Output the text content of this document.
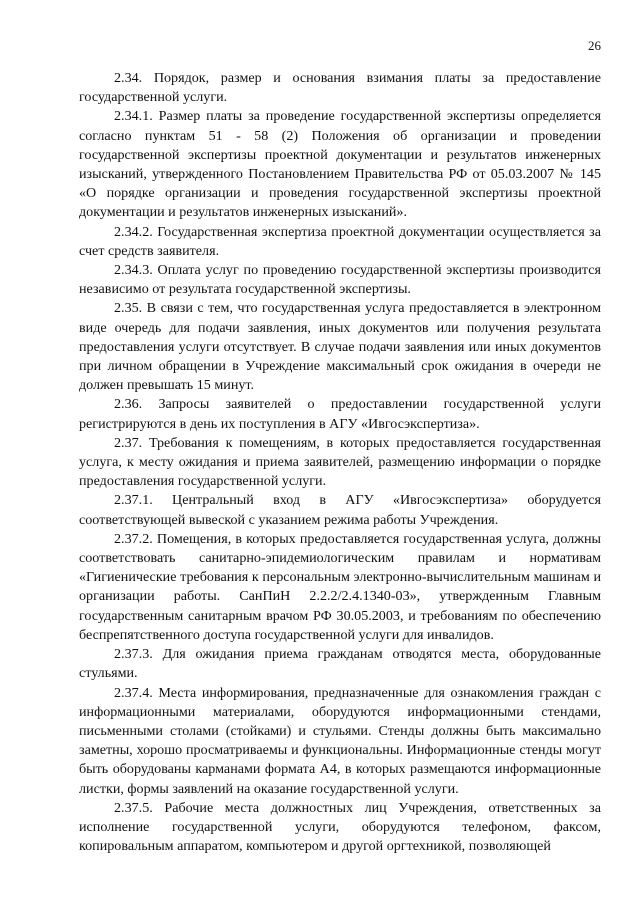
26

2.34. Порядок, размер и основания взимания платы за предоставление государственной услуги.

2.34.1. Размер платы за проведение государственной экспертизы определяется согласно пунктам 51 - 58 (2) Положения об организации и проведении государственной экспертизы проектной документации и результатов инженерных изысканий, утвержденного Постановлением Правительства РФ от 05.03.2007 № 145 «О порядке организации и проведения государственной экспертизы проектной документации и результатов инженерных изысканий».

2.34.2. Государственная экспертиза проектной документации осуществляется за счет средств заявителя.

2.34.3. Оплата услуг по проведению государственной экспертизы производится независимо от результата государственной экспертизы.

2.35. В связи с тем, что государственная услуга предоставляется в электронном виде очередь для подачи заявления, иных документов или получения результата предоставления услуги отсутствует. В случае подачи заявления или иных документов при личном обращении в Учреждение максимальный срок ожидания в очереди не должен превышать 15 минут.

2.36. Запросы заявителей о предоставлении государственной услуги регистрируются в день их поступления в АГУ «Ивгосэкспертиза».

2.37. Требования к помещениям, в которых предоставляется государственная услуга, к месту ожидания и приема заявителей, размещению информации о порядке предоставления государственной услуги.

2.37.1. Центральный вход в АГУ «Ивгосэкспертиза» оборудуется соответствующей вывеской с указанием режима работы Учреждения.

2.37.2. Помещения, в которых предоставляется государственная услуга, должны соответствовать санитарно-эпидемиологическим правилам и нормативам «Гигиенические требования к персональным электронно-вычислительным машинам и организации работы. СанПиН 2.2.2/2.4.1340-03», утвержденным Главным государственным санитарным врачом РФ 30.05.2003, и требованиям по обеспечению беспрепятственного доступа государственной услуги для инвалидов.

2.37.3. Для ожидания приема гражданам отводятся места, оборудованные стульями.

2.37.4. Места информирования, предназначенные для ознакомления граждан с информационными материалами, оборудуются информационными стендами, письменными столами (стойками) и стульями. Стенды должны быть максимально заметны, хорошо просматриваемы и функциональны. Информационные стенды могут быть оборудованы карманами формата А4, в которых размещаются информационные листки, формы заявлений на оказание государственной услуги.

2.37.5. Рабочие места должностных лиц Учреждения, ответственных за исполнение государственной услуги, оборудуются телефоном, факсом, копировальным аппаратом, компьютером и другой оргтехникой, позволяющей
